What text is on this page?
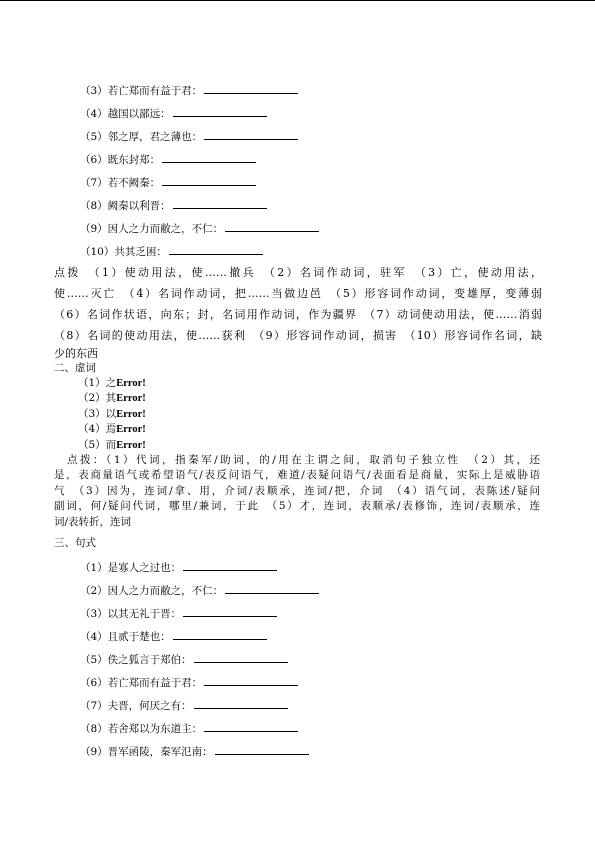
（3）若亡郑而有益于君：
（4）越国以鄙远：
（5）邻之厚，君之薄也：
（6）既东封郑：
（7）若不阙秦：
（8）阙秦以利晋：
（9）因人之力而敝之，不仁：
（10）共其乏困：
点拨　（1）使动用法，使……撤兵　（2）名词作动词，驻军　（3）亡，使动用法，
使……灭亡　（4）名词作动词，把……当做边邑　（5）形容词作动词，变雄厚，变薄弱
（6）名词作状语，向东；封，名词用作动词，作为疆界　（7）动词使动用法，使……消弱
（8）名词的使动用法，使……获利　（9）形容词作动词，损害　（10）形容词作名词，缺
少的东西
二、虚词
（1）之Error!
（2）其Error!
（3）以Error!
（4）焉Error!
（5）而Error!
　点拨：（1）代词，指秦军/助词，的/用在主谓之间，取消句子独立性　（2）其，还
是，表商量语气或希望语气/表反问语气，难道/表疑问语气/表面看是商量，实际上是威胁语
气　（3）因为，连词/拿、用，介词/表顺承，连词/把，介词　（4）语气词，表陈述/疑问
副词，何/疑问代词，哪里/兼词，于此　（5）才，连词，表顺承/表修饰，连词/表顺承，连
词/表转折，连词
三、句式
（1）是寡人之过也：
（2）因人之力而敝之，不仁：
（3）以其无礼于晋：
（4）且贰于楚也：
（5）佚之狐言于郑伯：
（6）若亡郑而有益于君：
（7）夫晋，何厌之有：
（8）若舍郑以为东道主：
（9）晋军函陵，秦军氾南：
